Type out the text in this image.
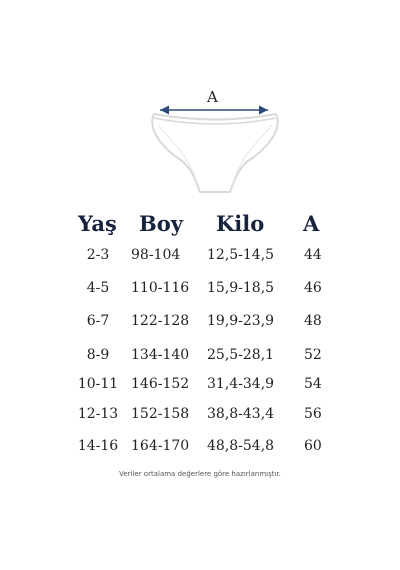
A
Yaş Boy Kilo A
2-3	98-104 12,5-14,5 44
4-5	110-116 15,9-18,5 46
6-7	122-128 19,9-23,9 48
8-9	134-140 25,5-28,1 52
10-11 146-152 31,4-34,9 54
12-13 152-158 38,8-43,4 56
14-16 164-170 48,8-54,8 60
Veriler ortalama değerlere göre hazırlanmıştır.
